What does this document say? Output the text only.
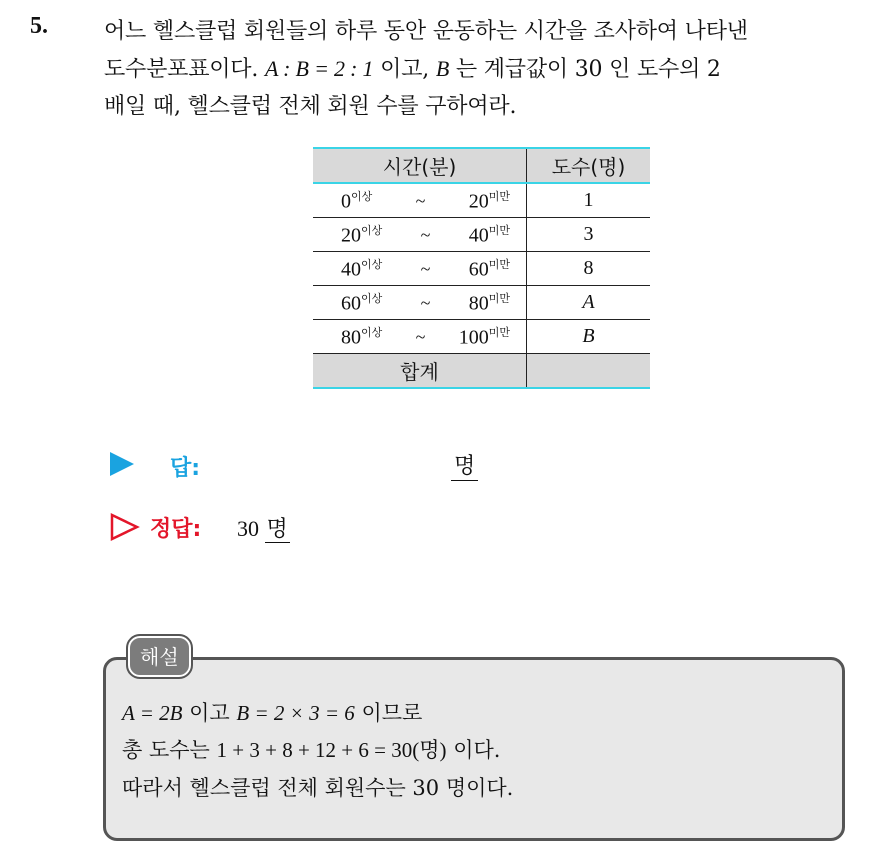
5.	어느 헬스클럽 회원들의 하루 동안 운동하는 시간을 조사하여 나타낸
도수분포표이다. A : B = 2 : 1 이고, B 는 계급값이 30 인 도수의 2
배일 때, 헬스클럽 전체 회원 수를 구하여라.
시간(분)	도수(명)

$0^{이상}$ ~ $20^{미만}$	1

$20^{이상}$ ~ $40^{미만}$	3

$40^{이상}$ ~ $60^{미만}$	8

$60^{이상}$ ~ $80^{미만}$	A

$80^{이상}$ ~ $100^{미만}$	B
합계	
답:	명
정답: 30 명
해설
A = 2B 이고 B = 2 × 3 = 6 이므로
총 도수는 1 + 3 + 8 + 12 + 6 = 30(명) 이다.
따라서 헬스클럽 전체 회원수는 30 명이다.
